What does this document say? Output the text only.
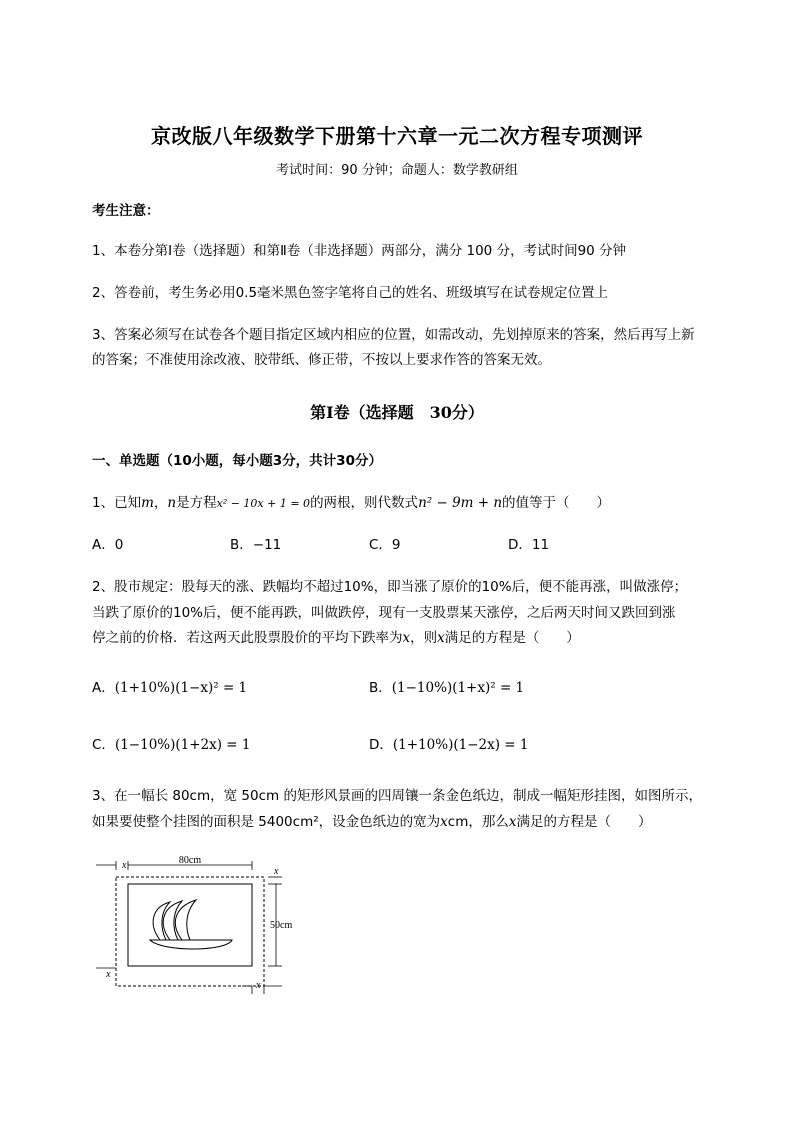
京改版八年级数学下册第十六章一元二次方程专项测评
考试时间：90 分钟；命题人：数学教研组
考生注意：
1、本卷分第Ⅰ卷（选择题）和第Ⅱ卷（非选择题）两部分，满分 100 分，考试时间90 分钟
2、答卷前，考生务必用0.5毫米黑色签字笔将自己的姓名、班级填写在试卷规定位置上
3、答案必须写在试卷各个题目指定区域内相应的位置，如需改动，先划掉原来的答案，然后再写上新
的答案；不准使用涂改液、胶带纸、修正带，不按以上要求作答的答案无效。
第Ⅰ卷（选择题　30分）
一、单选题（10小题，每小题3分，共计30分）
1、已知m，n是方程x² − 10x + 1 = 0的两根，则代数式n² − 9m + n的值等于（　　）
A．0	B．−11	C．9	D．11
2、股市规定：股每天的涨、跌幅均不超过10%，即当涨了原价的10%后，便不能再涨，叫做涨停；
当跌了原价的10%后，便不能再跌，叫做跌停，现有一支股票某天涨停，之后两天时间又跌回到涨
停之前的价格．若这两天此股票股价的平均下跌率为x，则x满足的方程是（　　）
A．(1+10%)(1−x)² = 1	B．(1−10%)(1+x)² = 1
C．(1−10%)(1+2x) = 1	D．(1+10%)(1−2x) = 1
3、在一幅长 80cm，宽 50cm 的矩形风景画的四周镶一条金色纸边，制成一幅矩形挂图，如图所示，
如果要使整个挂图的面积是 5400cm²，设金色纸边的宽为xcm，那么x满足的方程是（　　）
80cm
x
x
50cm
x
x
